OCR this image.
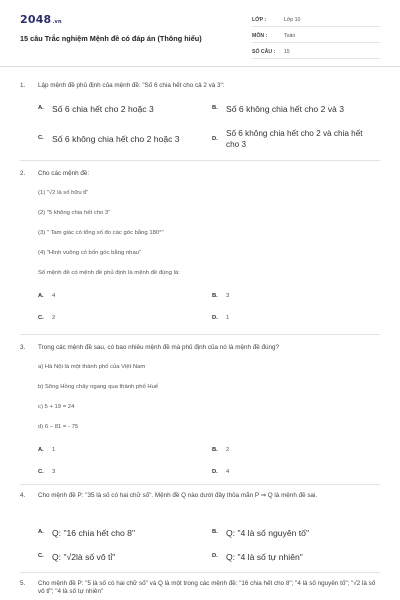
2048.vn
15 câu Trắc nghiệm Mệnh đề có đáp án (Thông hiểu)
LỚP :	Lớp 10
MÔN :	Toán
SỐ CÂU :	15
1.	Lập mệnh đề phủ định của mệnh đề: "Số 6 chia hết cho cả 2 và 3":
A. Số 6 chia hết cho 2 hoặc 3	B. Số 6 không chia hết cho 2 và 3
C. Số 6 không chia hết cho 2 hoặc 3	D.
Số 6 không chia hết cho 2 và chia hết cho 3
2.	Cho các mệnh đề:
(1) "√2 là số hữu tỉ"
(2) "5 không chia hết cho 3"
(3) " Tam giác có tổng số đo các góc bằng 180°"
(4) "Hình vuông có bốn góc bằng nhau"
Số mệnh đề có mệnh đề phủ định là mệnh đề đúng là:
A.	4	B.	3
C.	2	D.	1
3.	Trong các mệnh đề sau, có bao nhiêu mệnh đề mà phủ định của nó là mệnh đề đúng?
a) Hà Nội là một thành phố của Việt Nam
b) Sông Hồng chảy ngang qua thành phố Huế
c) 5 + 19 = 24
d) 6 – 81 = - 75
A.	1	B.	2
C.	3	D.	4
4.	Cho mệnh đề P: "35 là số có hai chữ số". Mệnh đề Q nào dưới đây thỏa mãn P ⇒ Q là mệnh đề sai.
A. Q: "16 chia hết cho 8"	B. Q: "4 là số nguyên tố"
C. Q: "√2là số vô tỉ"	D. Q: "4 là số tự nhiên"
5.	Cho mệnh đề P: "5 là số có hai chữ số" và Q là một trong các mệnh đề: "16 chia hết cho 8"; "4 là số nguyên tố"; "√2 là số vô tỉ"; "4 là số tự nhiên"
